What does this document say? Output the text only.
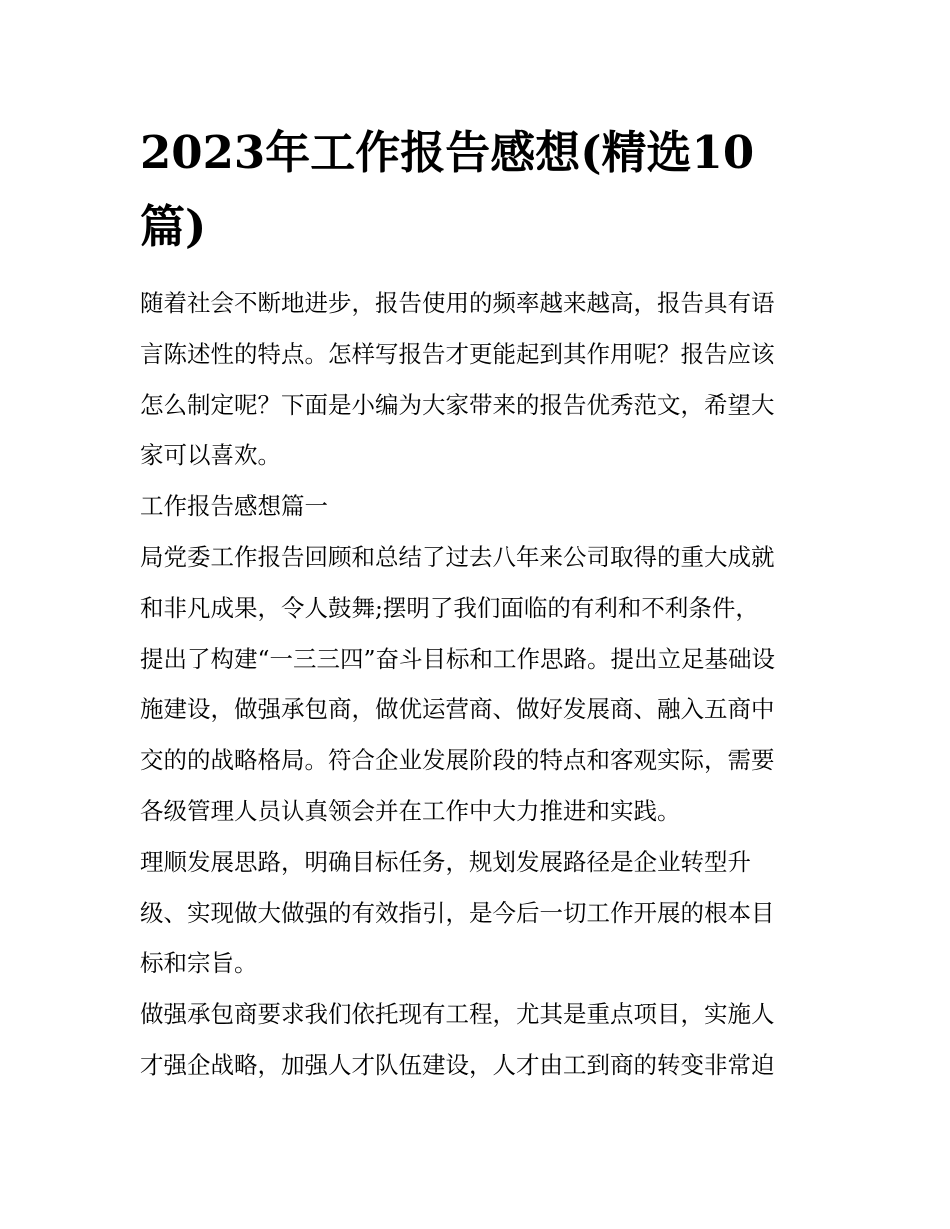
2023年工作报告感想(精选10
篇)
随着社会不断地进步，报告使用的频率越来越高，报告具有语
言陈述性的特点。怎样写报告才更能起到其作用呢？报告应该
怎么制定呢？下面是小编为大家带来的报告优秀范文，希望大
家可以喜欢。
工作报告感想篇一
局党委工作报告回顾和总结了过去八年来公司取得的重大成就
和非凡成果，令人鼓舞;摆明了我们面临的有利和不利条件，
提出了构建“一三三四”奋斗目标和工作思路。提出立足基础设
施建设，做强承包商，做优运营商、做好发展商、融入五商中
交的的战略格局。符合企业发展阶段的特点和客观实际，需要
各级管理人员认真领会并在工作中大力推进和实践。
理顺发展思路，明确目标任务，规划发展路径是企业转型升
级、实现做大做强的有效指引，是今后一切工作开展的根本目
标和宗旨。
做强承包商要求我们依托现有工程，尤其是重点项目，实施人
才强企战略，加强人才队伍建设，人才由工到商的转变非常迫
